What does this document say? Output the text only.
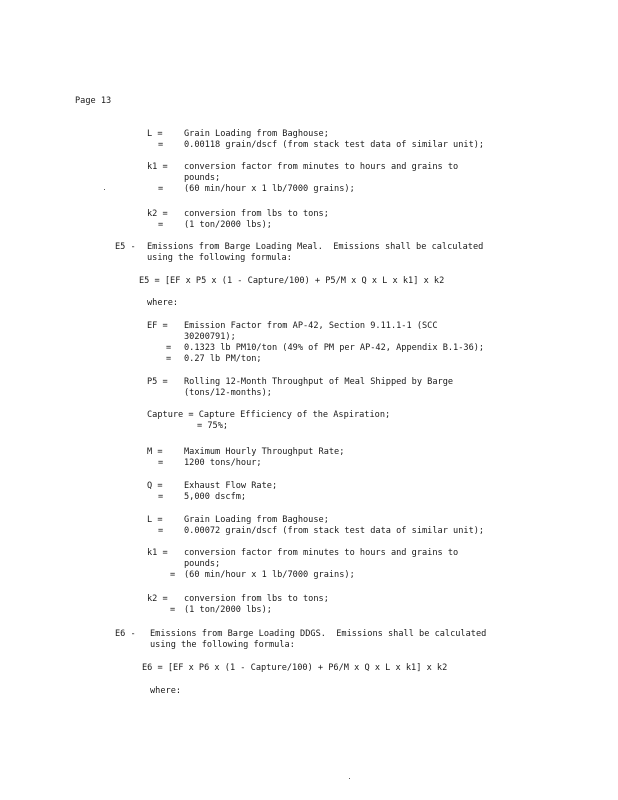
Page 13
L = Grain Loading from Baghouse;
= 0.00118 grain/dscf (from stack test data of similar unit);
k1 = conversion factor from minutes to hours and grains to
pounds;
= (60 min/hour x 1 lb/7000 grains);
k2 = conversion from lbs to tons;
= (1 ton/2000 lbs);
E5 - Emissions from Barge Loading Meal.  Emissions shall be calculated
using the following formula:
E5 = [EF x P5 x (1 - Capture/100) + P5/M x Q x L x k1] x k2
where:
EF = Emission Factor from AP-42, Section 9.11.1-1 (SCC
30200791);
= 0.1323 lb PM10/ton (49% of PM per AP-42, Appendix B.1-36);
= 0.27 lb PM/ton;
P5 = Rolling 12-Month Throughput of Meal Shipped by Barge
(tons/12-months);
Capture = Capture Efficiency of the Aspiration;
= 75%;
M = Maximum Hourly Throughput Rate;
= 1200 tons/hour;
Q = Exhaust Flow Rate;
= 5,000 dscfm;
L = Grain Loading from Baghouse;
= 0.00072 grain/dscf (from stack test data of similar unit);
k1 = conversion factor from minutes to hours and grains to
pounds;
= (60 min/hour x 1 lb/7000 grains);
k2 = conversion from lbs to tons;
= (1 ton/2000 lbs);
E6 - Emissions from Barge Loading DDGS.  Emissions shall be calculated
using the following formula:
E6 = [EF x P6 x (1 - Capture/100) + P6/M x Q x L x k1] x k2
where:
